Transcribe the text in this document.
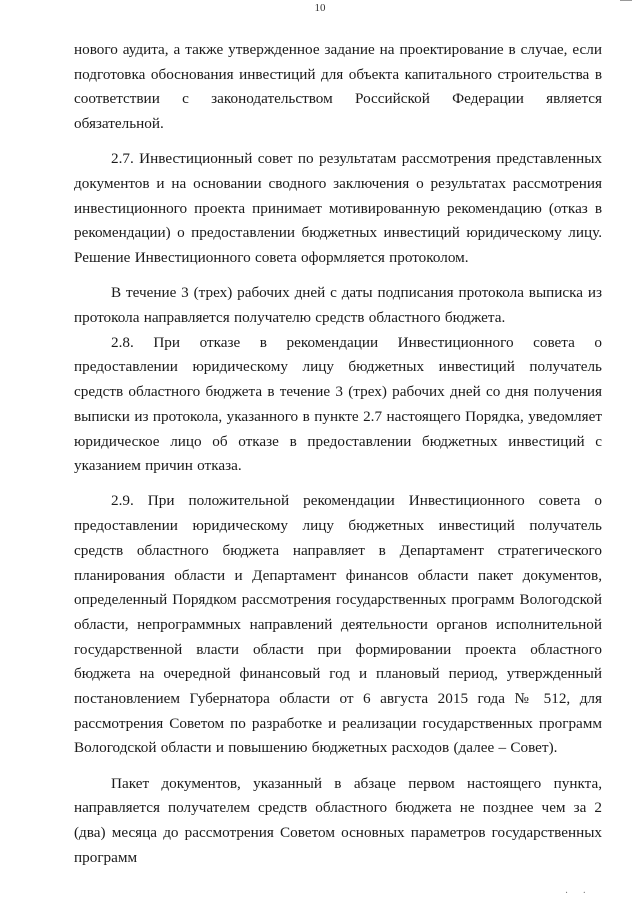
10

нового аудита, а также утвержденное задание на проектирование в случае, если подготовка обоснования инвестиций для объекта капитального строительства в соответствии с законодательством Российской Федерации является обязательной.

2.7. Инвестиционный совет по результатам рассмотрения представленных документов и на основании сводного заключения о результатах рассмотрения инвестиционного проекта принимает мотивированную рекомендацию (отказ в рекомендации) о предоставлении бюджетных инвестиций юридическому лицу. Решение Инвестиционного совета оформляется протоколом.

В течение 3 (трех) рабочих дней с даты подписания протокола выписка из протокола направляется получателю средств областного бюджета.

2.8. При отказе в рекомендации Инвестиционного совета о предоставлении юридическому лицу бюджетных инвестиций получатель средств областного бюджета в течение 3 (трех) рабочих дней со дня получения выписки из протокола, указанного в пункте 2.7 настоящего Порядка, уведомляет юридическое лицо об отказе в предоставлении бюджетных инвестиций с указанием причин отказа.

2.9. При положительной рекомендации Инвестиционного совета о предоставлении юридическому лицу бюджетных инвестиций получатель средств областного бюджета направляет в Департамент стратегического планирования области и Департамент финансов области пакет документов, определенный Порядком рассмотрения государственных программ Вологодской области, непрограммных направлений деятельности органов исполнительной государственной власти области при формировании проекта областного бюджета на очередной финансовый год и плановый период, утвержденный постановлением Губернатора области от 6 августа 2015 года № 512, для рассмотрения Советом по разработке и реализации государственных программ Вологодской области и повышению бюджетных расходов (далее – Совет).

Пакет документов, указанный в абзаце первом настоящего пункта, направляется получателем средств областного бюджета не позднее чем за 2 (два) месяца до рассмотрения Советом основных параметров государственных программ

· ·
